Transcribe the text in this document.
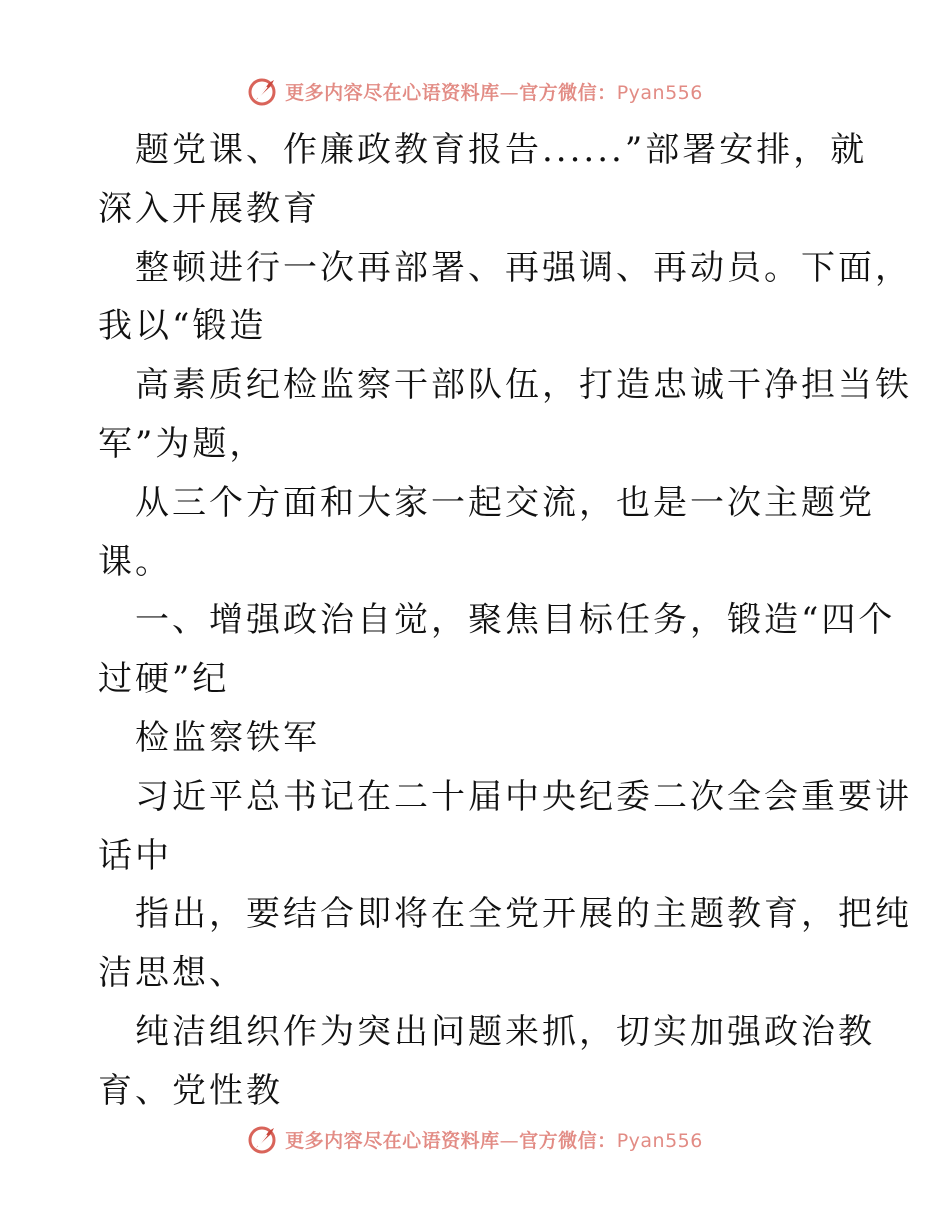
更多内容尽在心语资料库—官方微信：Pyan556
题党课、作廉政教育报告......”部署安排，就
深入开展教育
整顿进行一次再部署、再强调、再动员。下面，
我以“锻造
高素质纪检监察干部队伍，打造忠诚干净担当铁
军”为题，
从三个方面和大家一起交流，也是一次主题党
课。
一、增强政治自觉，聚焦目标任务，锻造“四个
过硬”纪
检监察铁军
习近平总书记在二十届中央纪委二次全会重要讲
话中
指出，要结合即将在全党开展的主题教育，把纯
洁思想、
纯洁组织作为突出问题来抓，切实加强政治教
育、党性教
更多内容尽在心语资料库—官方微信：Pyan556
